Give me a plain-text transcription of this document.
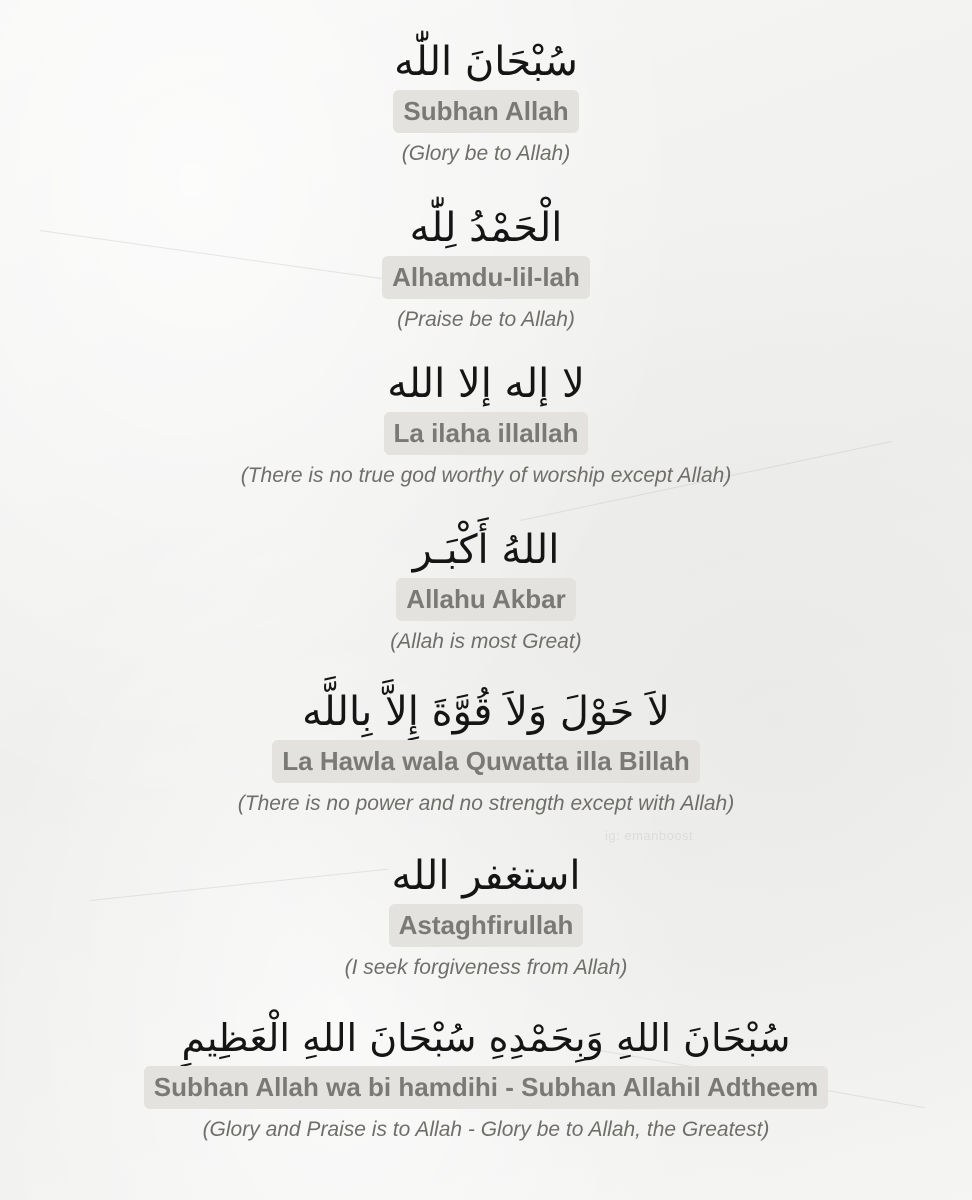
سُبْحَانَ اللّٰه
Subhan Allah
(Glory be to Allah)
الْحَمْدُ لِلّٰه
Alhamdu-lil-lah
(Praise be to Allah)
لا إله إلا الله
La ilaha illallah
(There is no true god worthy of worship except Allah)
اللهُ أَكْبَـر
Allahu Akbar
(Allah is most Great)
لاَ حَوْلَ وَلاَ قُوَّةَ إِلاَّ بِاللَّه
La Hawla wala Quwatta illa Billah
(There is no power and no strength except with Allah)
استغفر الله
Astaghfirullah
(I seek forgiveness from Allah)
سُبْحَانَ اللهِ وَبِحَمْدِهِ سُبْحَانَ اللهِ الْعَظِيمِ
Subhan Allah wa bi hamdihi - Subhan Allahil Adtheem
(Glory and Praise is to Allah - Glory be to Allah, the Greatest)
ig: emanboost
